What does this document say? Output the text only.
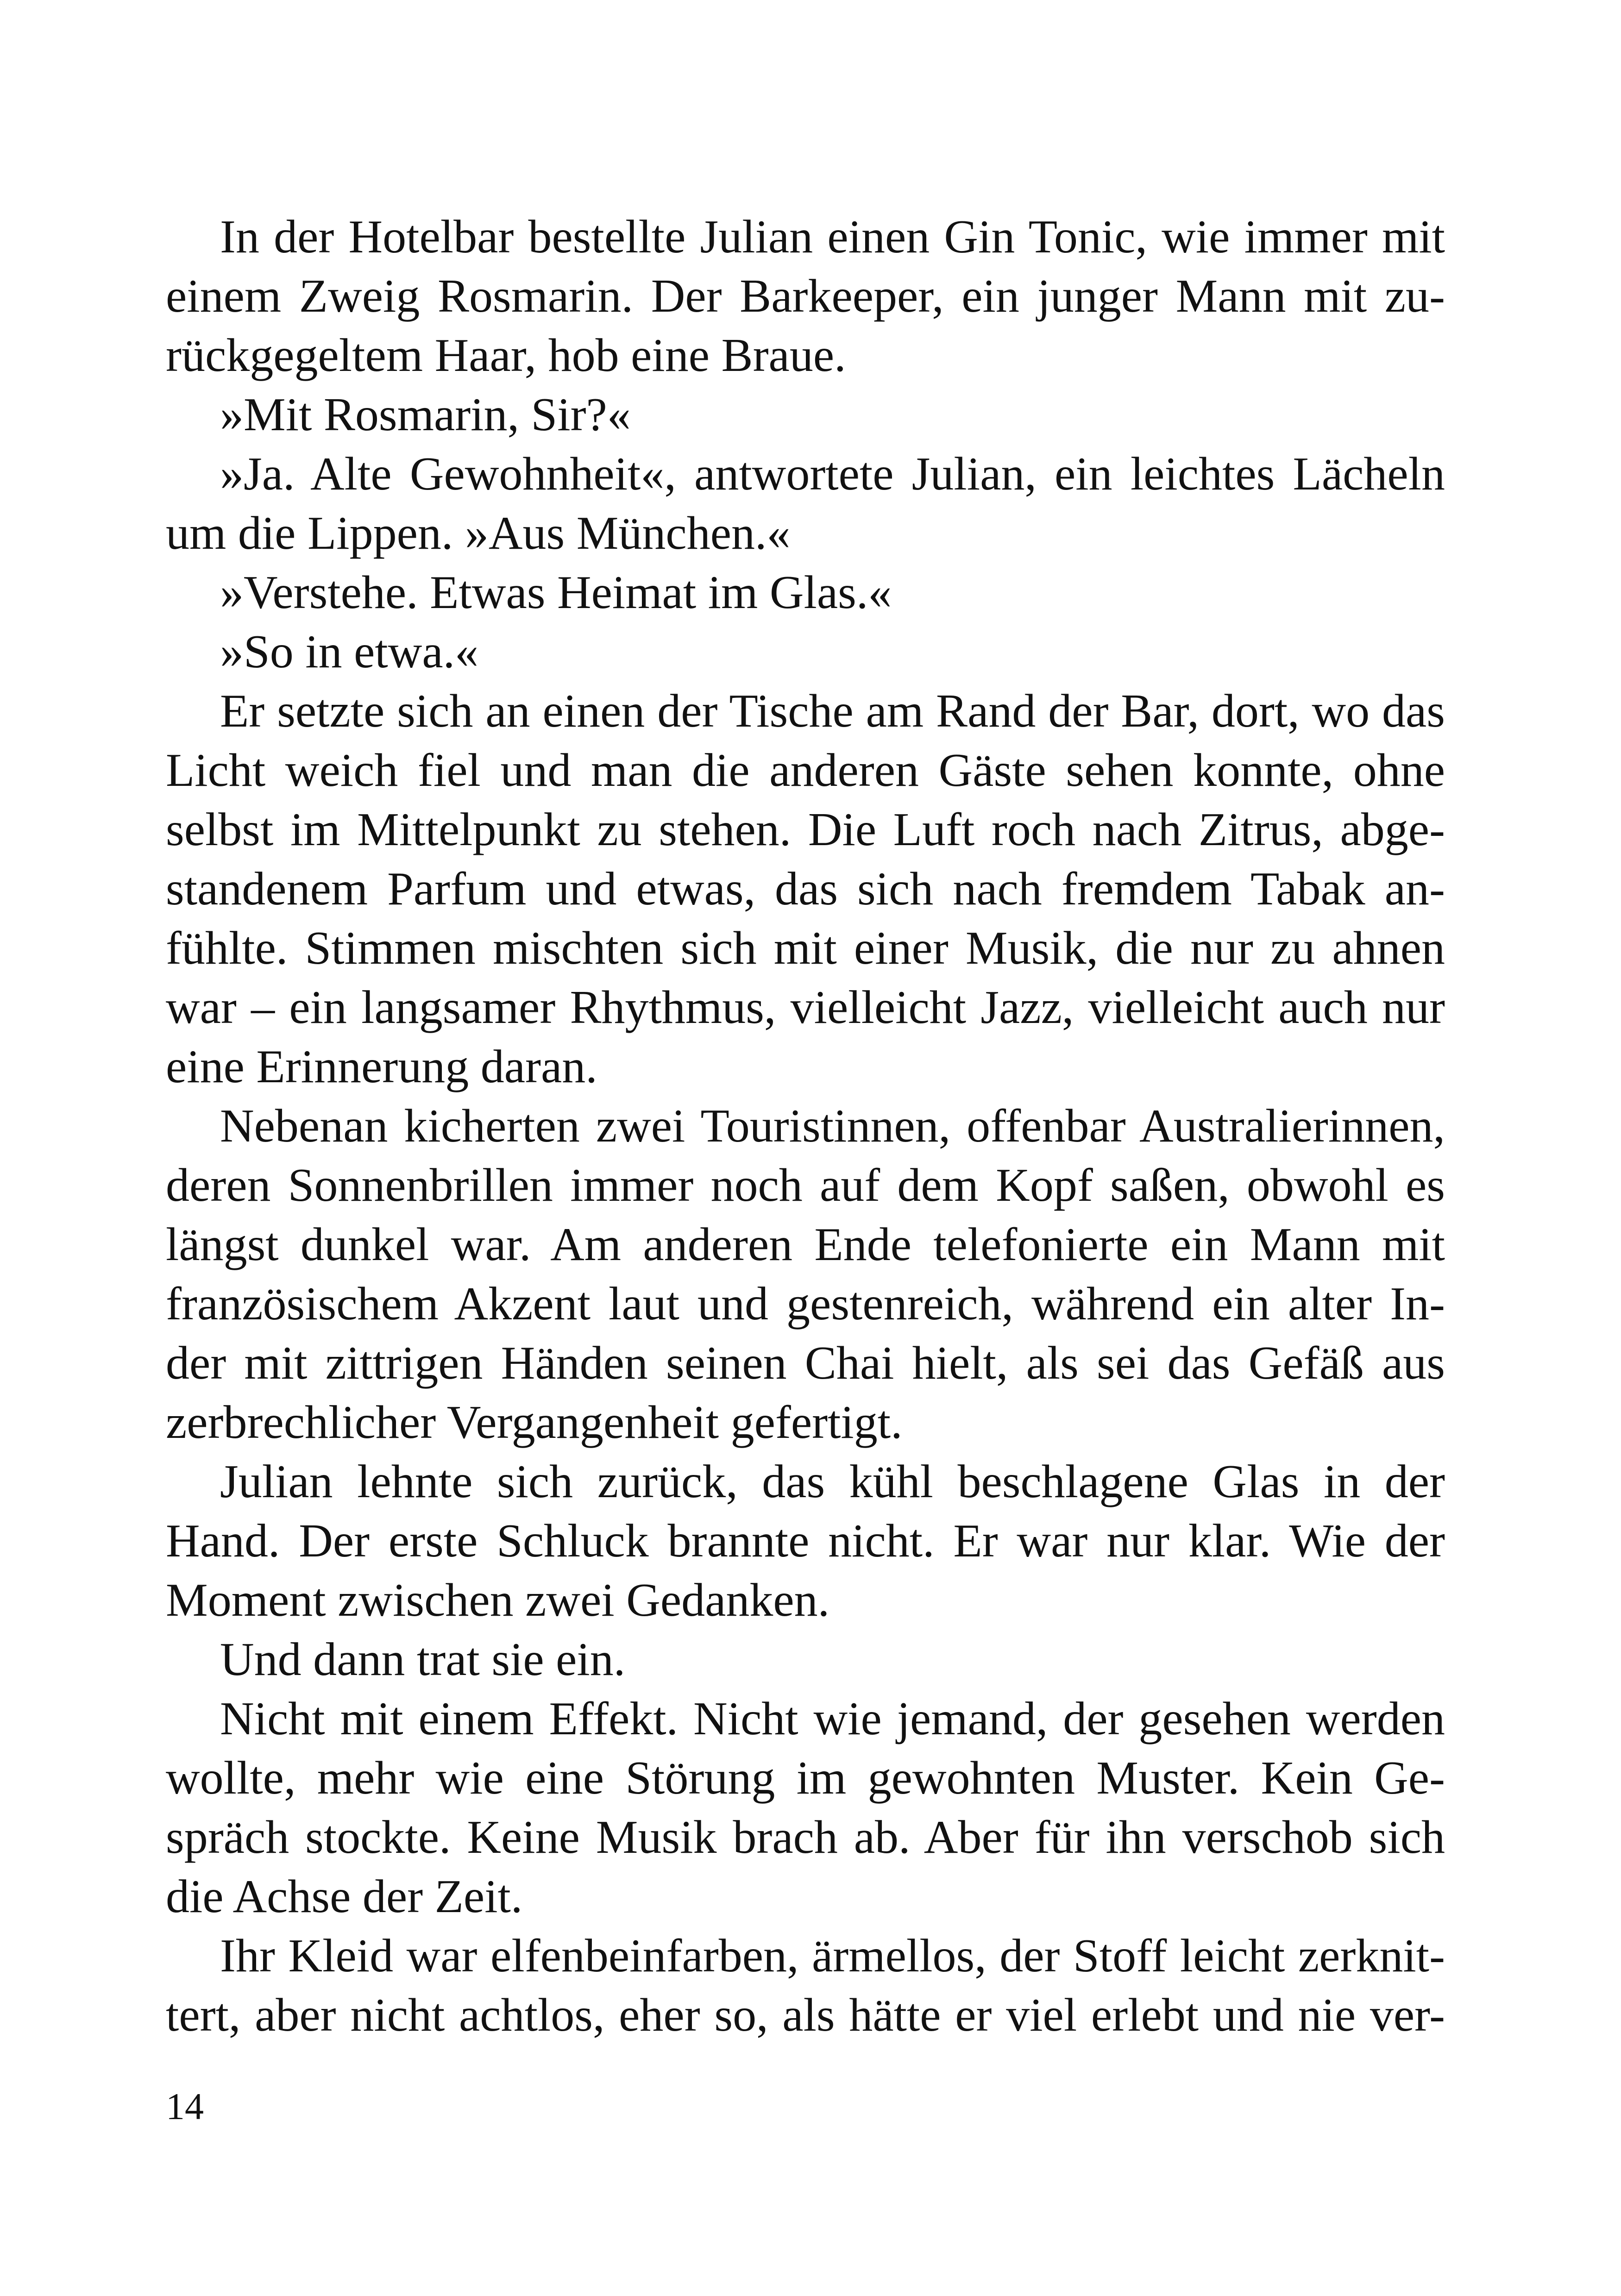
In der Hotelbar bestellte Julian einen Gin Tonic, wie immer mit
einem Zweig Rosmarin. Der Barkeeper, ein junger Mann mit zu-
rückgegeltem Haar, hob eine Braue.
»Mit Rosmarin, Sir?«
»Ja. Alte Gewohnheit«, antwortete Julian, ein leichtes Lächeln
um die Lippen. »Aus München.«
»Verstehe. Etwas Heimat im Glas.«
»So in etwa.«
Er setzte sich an einen der Tische am Rand der Bar, dort, wo das
Licht weich fiel und man die anderen Gäste sehen konnte, ohne
selbst im Mittelpunkt zu stehen. Die Luft roch nach Zitrus, abge-
standenem Parfum und etwas, das sich nach fremdem Tabak an-
fühlte. Stimmen mischten sich mit einer Musik, die nur zu ahnen
war – ein langsamer Rhythmus, vielleicht Jazz, vielleicht auch nur
eine Erinnerung daran.
Nebenan kicherten zwei Touristinnen, offenbar Australierinnen,
deren Sonnenbrillen immer noch auf dem Kopf saßen, obwohl es
längst dunkel war. Am anderen Ende telefonierte ein Mann mit
französischem Akzent laut und gestenreich, während ein alter In-
der mit zittrigen Händen seinen Chai hielt, als sei das Gefäß aus
zerbrechlicher Vergangenheit gefertigt.
Julian lehnte sich zurück, das kühl beschlagene Glas in der
Hand. Der erste Schluck brannte nicht. Er war nur klar. Wie der
Moment zwischen zwei Gedanken.
Und dann trat sie ein.
Nicht mit einem Effekt. Nicht wie jemand, der gesehen werden
wollte, mehr wie eine Störung im gewohnten Muster. Kein Ge-
spräch stockte. Keine Musik brach ab. Aber für ihn verschob sich
die Achse der Zeit.
Ihr Kleid war elfenbeinfarben, ärmellos, der Stoff leicht zerknit-
tert, aber nicht achtlos, eher so, als hätte er viel erlebt und nie ver-
14
